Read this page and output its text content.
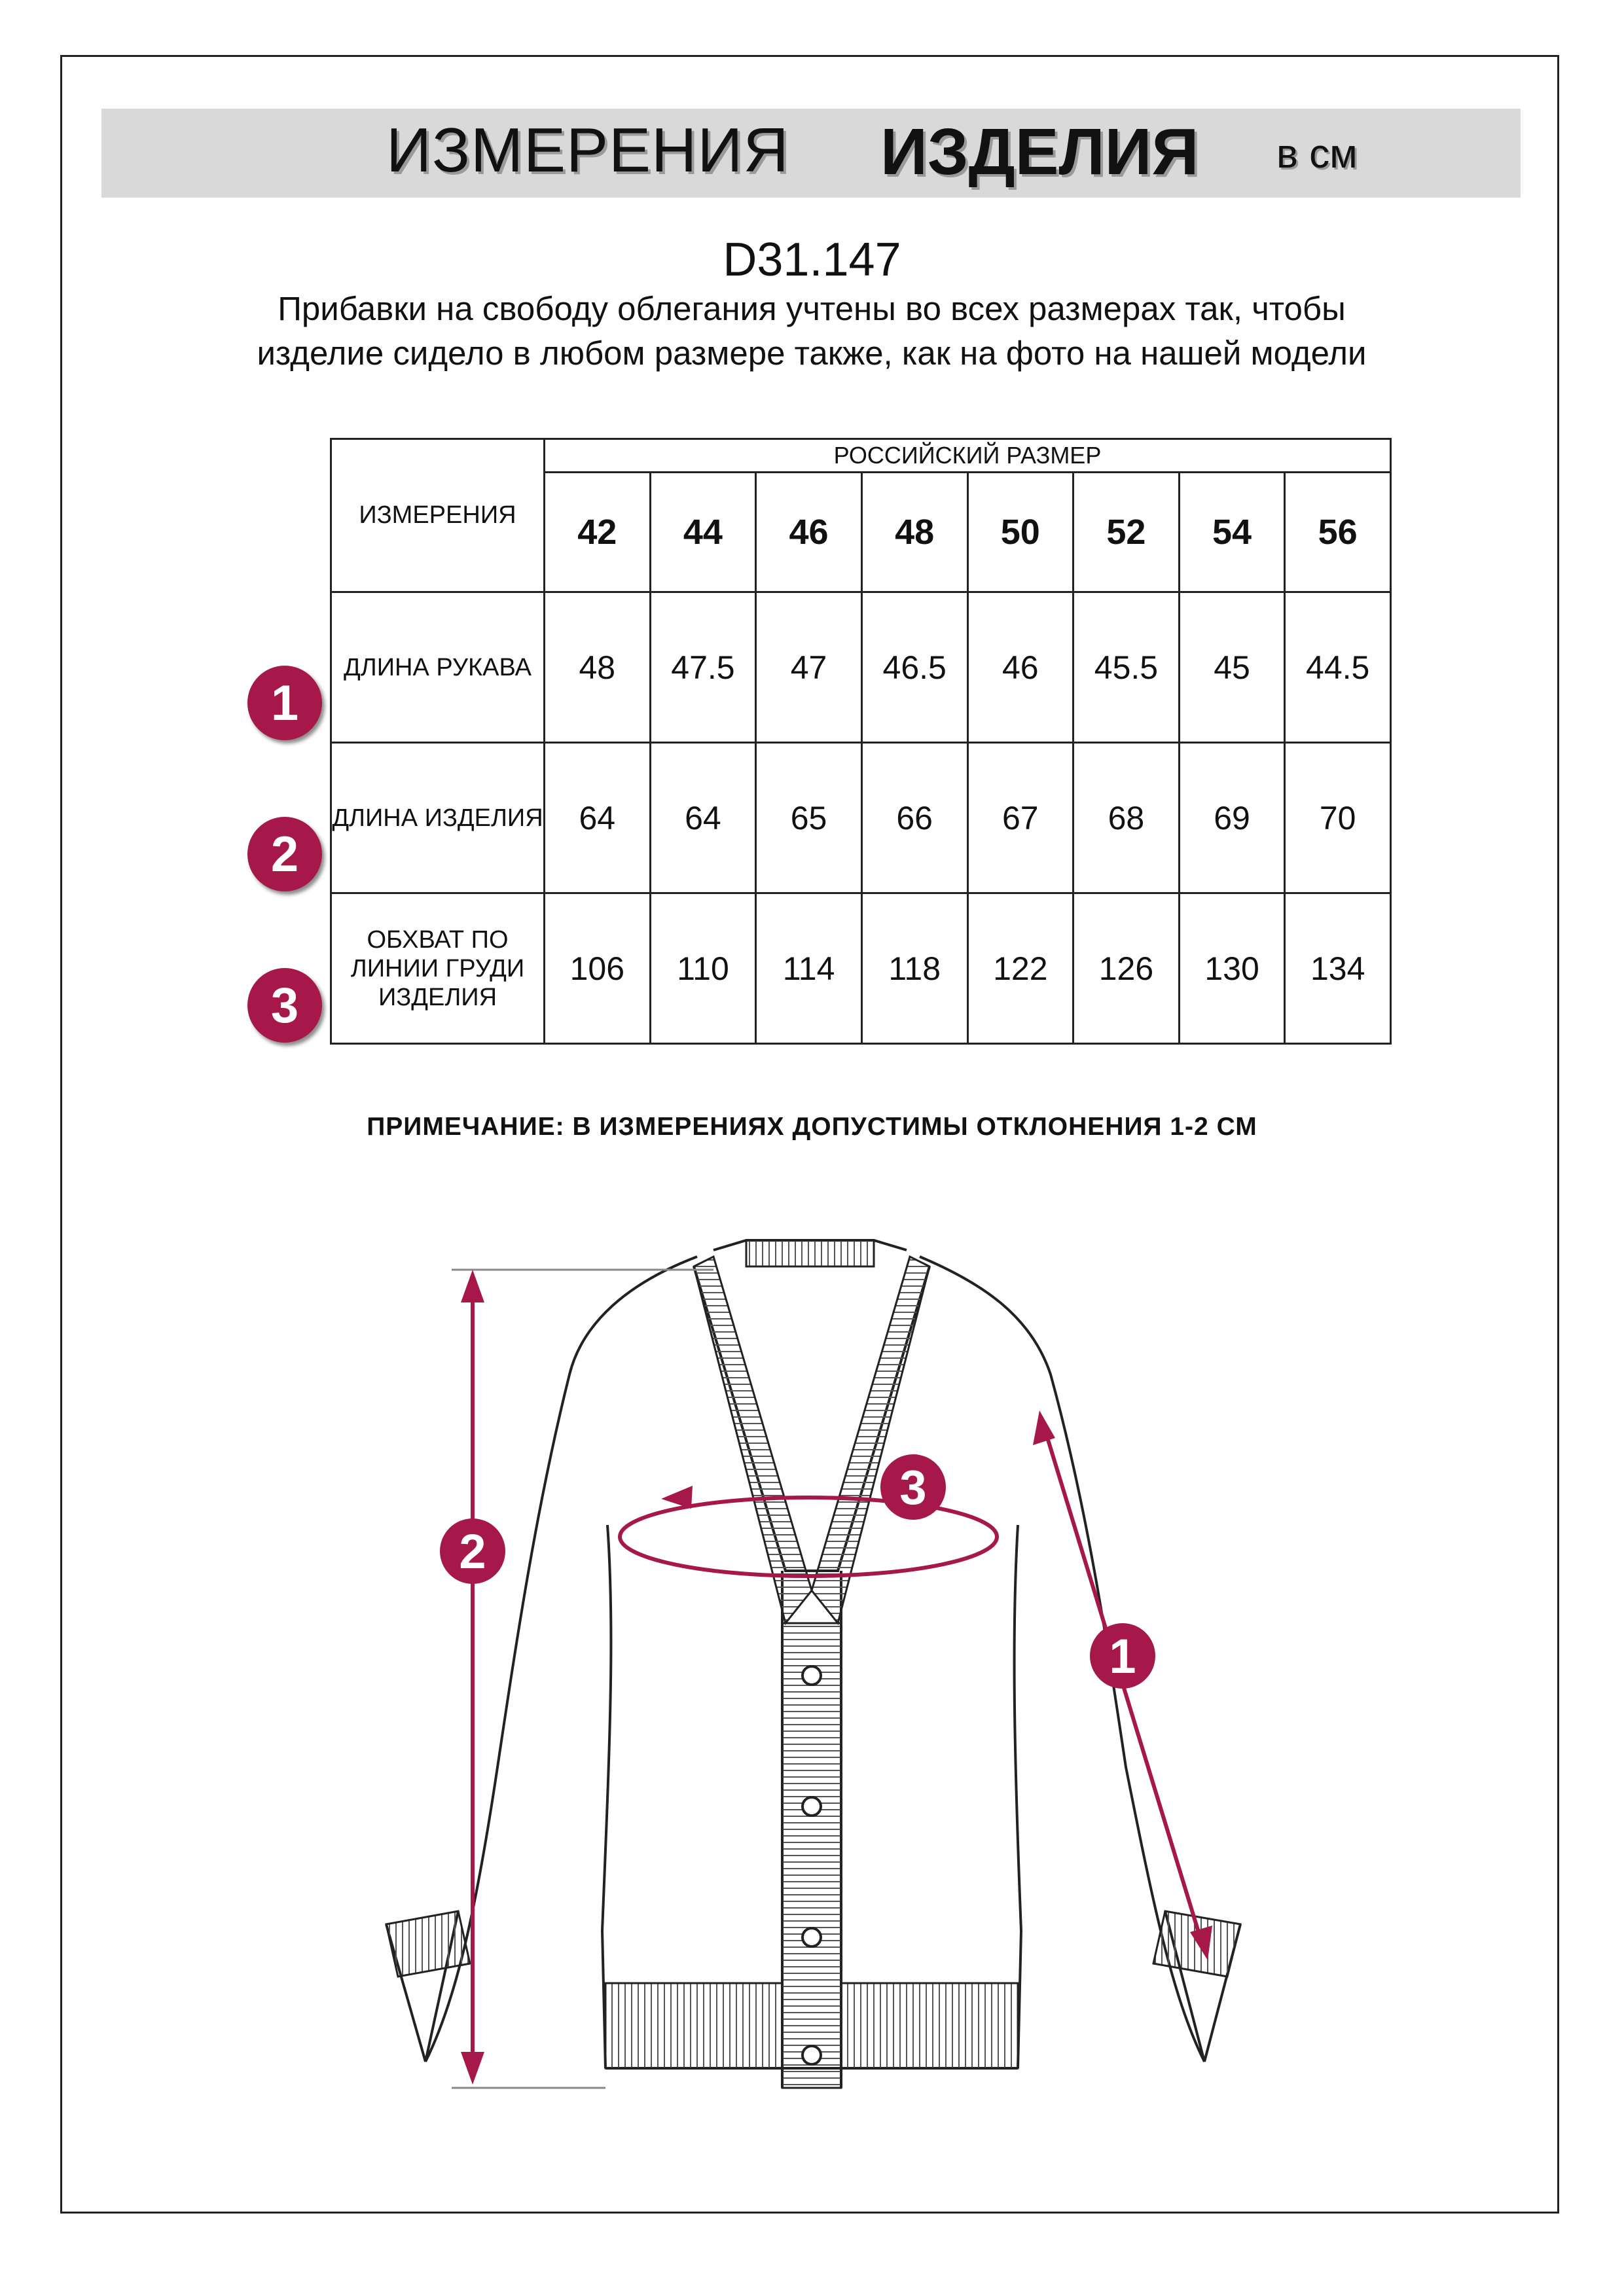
ИЗМЕРЕНИЯ ИЗДЕЛИЯ в см
D31.147
Прибавки на свободу облегания учтены во всех размерах так, чтобы изделие сидело в любом размере также, как на фото на нашей модели
ИЗМЕРЕНИЯ	РОССИЙСКИЙ РАЗМЕР							
	42	44	46	48	50	52	54	56
ДЛИНА РУКАВА	48	47.5	47	46.5	46	45.5	45	44.5
ДЛИНА ИЗДЕЛИЯ	64	64	65	66	67	68	69	70
ОБХВАТ ПО ЛИНИИ ГРУДИ ИЗДЕЛИЯ	106	110	114	118	122	126	130	134
1
2
3
ПРИМЕЧАНИЕ: В ИЗМЕРЕНИЯХ ДОПУСТИМЫ ОТКЛОНЕНИЯ 1-2 СМ
2
1
3
